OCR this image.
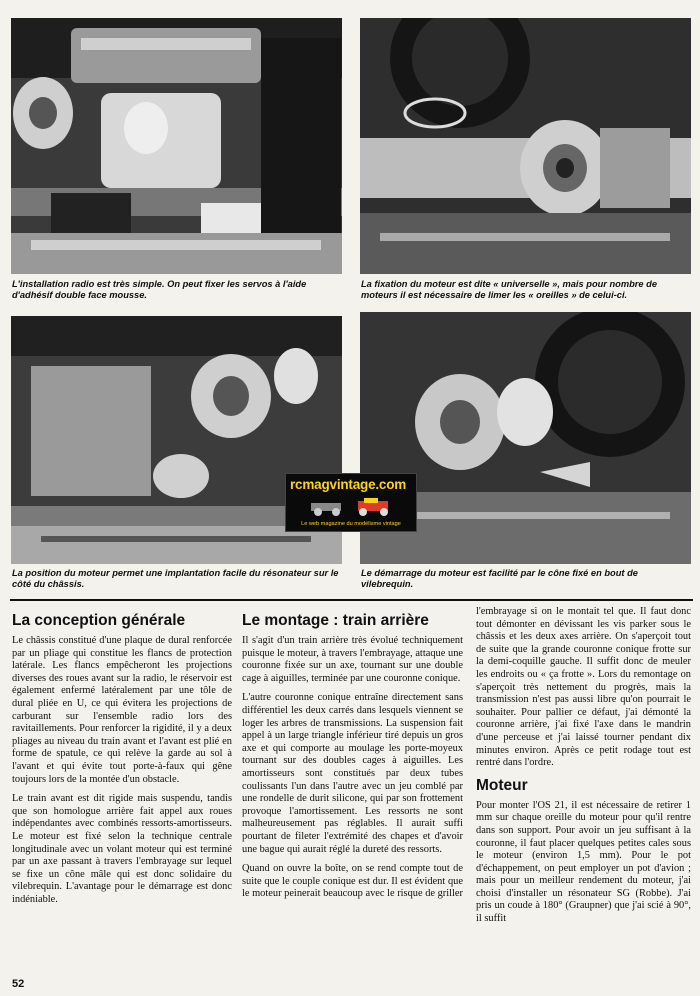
L'installation radio est très simple. On peut fixer les servos à l'aide d'adhésif double face mousse.
La fixation du moteur est dite « universelle », mais pour nombre de moteurs il est nécessaire de limer les « oreilles » de celui-ci.
rcmagvintage.com
Le web magazine du modélisme vintage
La position du moteur permet une implantation facile du résonateur sur le côté du châssis.
Le démarrage du moteur est facilité par le cône fixé en bout de vilebrequin.
La conception générale

Le châssis constitué d'une plaque de dural renforcée par un pliage qui constitue les flancs de protection latérale. Les flancs empêcheront les projections diverses des roues avant sur la radio, le réservoir est également enfermé latéralement par une tôle de dural pliée en U, ce qui évitera les projections de carburant sur l'ensemble radio lors des ravitaillements. Pour renforcer la rigidité, il y a deux pliages au niveau du train avant et l'avant est plié en forme de spatule, ce qui relève la garde au sol à l'avant et qui évite tout porte-à-faux qui gêne toujours lors de la montée d'un obstacle.

Le train avant est dit rigide mais suspendu, tandis que son homologue arrière fait appel aux roues indépendantes avec combinés ressorts-amortisseurs. Le moteur est fixé selon la technique centrale longitudinale avec un volant moteur qui est terminé par un axe passant à travers l'embrayage sur lequel se fixe un cône mâle qui est donc solidaire du vilebrequin. L'avantage pour le démarrage est donc indéniable.

Le montage : train arrière

Il s'agit d'un train arrière très évolué techniquement puisque le moteur, à travers l'embrayage, attaque une couronne fixée sur un axe, tournant sur une double cage à aiguilles, terminée par une couronne conique.

L'autre couronne conique entraîne directement sans différentiel les deux carrés dans lesquels viennent se loger les arbres de transmissions. La suspension fait appel à un large triangle inférieur tiré depuis un gros axe et qui comporte au moulage les porte-moyeux tournant sur des doubles cages à aiguilles. Les amortisseurs sont constitués par deux tubes coulissants l'un dans l'autre avec un jeu comblé par une rondelle de durit silicone, qui par son frottement provoque l'amortissement. Les ressorts ne sont malheureusement pas réglables. Il aurait suffi pourtant de fileter l'extrémité des chapes et d'avoir une bague qui aurait réglé la dureté des ressorts.

Quand on ouvre la boîte, on se rend compte tout de suite que le couple conique est dur. Il est évident que le moteur peinerait beaucoup avec le risque de griller

l'embrayage si on le montait tel que. Il faut donc tout démonter en dévissant les vis parker sous le châssis et les deux axes arrière. On s'aperçoit tout de suite que la grande couronne conique frotte sur la demi-coquille gauche. Il suffit donc de meuler les endroits ou « ça frotte ». Lors du remontage on s'aperçoit très nettement du progrès, mais la transmission n'est pas aussi libre qu'on pourrait le souhaiter. Pour pallier ce défaut, j'ai démonté la couronne arrière, j'ai fixé l'axe dans le mandrin d'une perceuse et j'ai laissé tourner pendant dix minutes environ. Après ce petit rodage tout est rentré dans l'ordre.

Moteur

Pour monter l'OS 21, il est nécessaire de retirer 1 mm sur chaque oreille du moteur pour qu'il rentre dans son support. Pour avoir un jeu suffisant à la couronne, il faut placer quelques petites cales sous le moteur (environ 1,5 mm). Pour le pot d'échappement, on peut employer un pot d'avion ; mais pour un meilleur rendement du moteur, j'ai choisi d'installer un résonateur SG (Robbe). J'ai pris un coude à 180° (Graupner) que j'ai scié à 90°, il suffit

52
